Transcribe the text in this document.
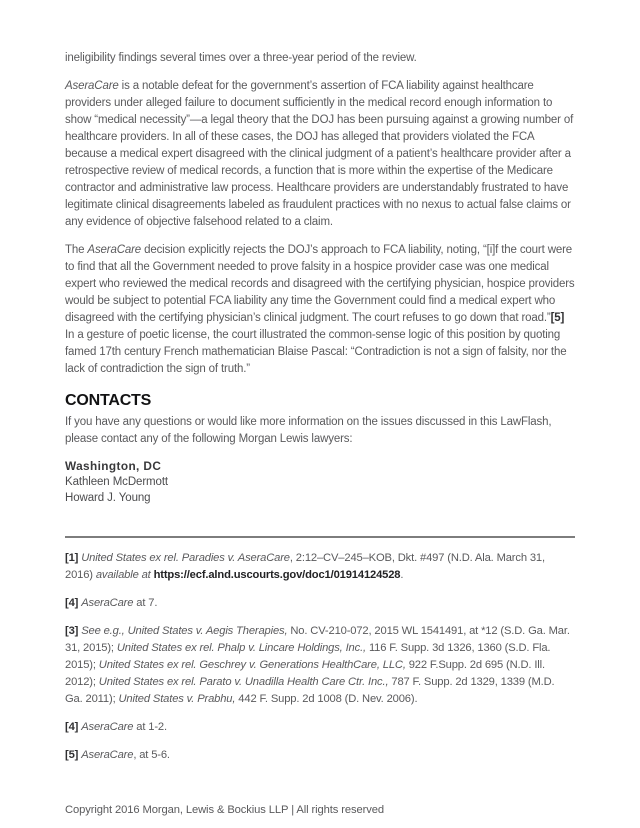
ineligibility findings several times over a three-year period of the review.

AseraCare is a notable defeat for the government’s assertion of FCA liability against healthcare providers under alleged failure to document sufficiently in the medical record enough information to show “medical necessity”—a legal theory that the DOJ has been pursuing against a growing number of healthcare providers. In all of these cases, the DOJ has alleged that providers violated the FCA because a medical expert disagreed with the clinical judgment of a patient’s healthcare provider after a retrospective review of medical records, a function that is more within the expertise of the Medicare contractor and administrative law process. Healthcare providers are understandably frustrated to have legitimate clinical disagreements labeled as fraudulent practices with no nexus to actual false claims or any evidence of objective falsehood related to a claim.

The AseraCare decision explicitly rejects the DOJ’s approach to FCA liability, noting, “[i]f the court were to find that all the Government needed to prove falsity in a hospice provider case was one medical expert who reviewed the medical records and disagreed with the certifying physician, hospice providers would be subject to potential FCA liability any time the Government could find a medical expert who disagreed with the certifying physician’s clinical judgment. The court refuses to go down that road.”[5] In a gesture of poetic license, the court illustrated the common-sense logic of this position by quoting famed 17th century French mathematician Blaise Pascal: “Contradiction is not a sign of falsity, nor the lack of contradiction the sign of truth.”

CONTACTS

If you have any questions or would like more information on the issues discussed in this LawFlash, please contact any of the following Morgan Lewis lawyers:

Washington, DC
Kathleen McDermott
Howard J. Young

[1] United States ex rel. Paradies v. AseraCare, 2:12–CV–245–KOB, Dkt. #497 (N.D. Ala. March 31, 2016) available at https://ecf.alnd.uscourts.gov/doc1/01914124528.

[4] AseraCare at 7.

[3] See e.g., United States v. Aegis Therapies, No. CV-210-072, 2015 WL 1541491, at *12 (S.D. Ga. Mar. 31, 2015); United States ex rel. Phalp v. Lincare Holdings, Inc., 116 F. Supp. 3d 1326, 1360 (S.D. Fla. 2015); United States ex rel. Geschrey v. Generations HealthCare, LLC, 922 F.Supp. 2d 695 (N.D. Ill. 2012); United States ex rel. Parato v. Unadilla Health Care Ctr. Inc., 787 F. Supp. 2d 1329, 1339 (M.D. Ga. 2011); United States v. Prabhu, 442 F. Supp. 2d 1008 (D. Nev. 2006).

[4] AseraCare at 1-2.

[5] AseraCare, at 5-6.

Copyright 2016 Morgan, Lewis & Bockius LLP | All rights reserved
